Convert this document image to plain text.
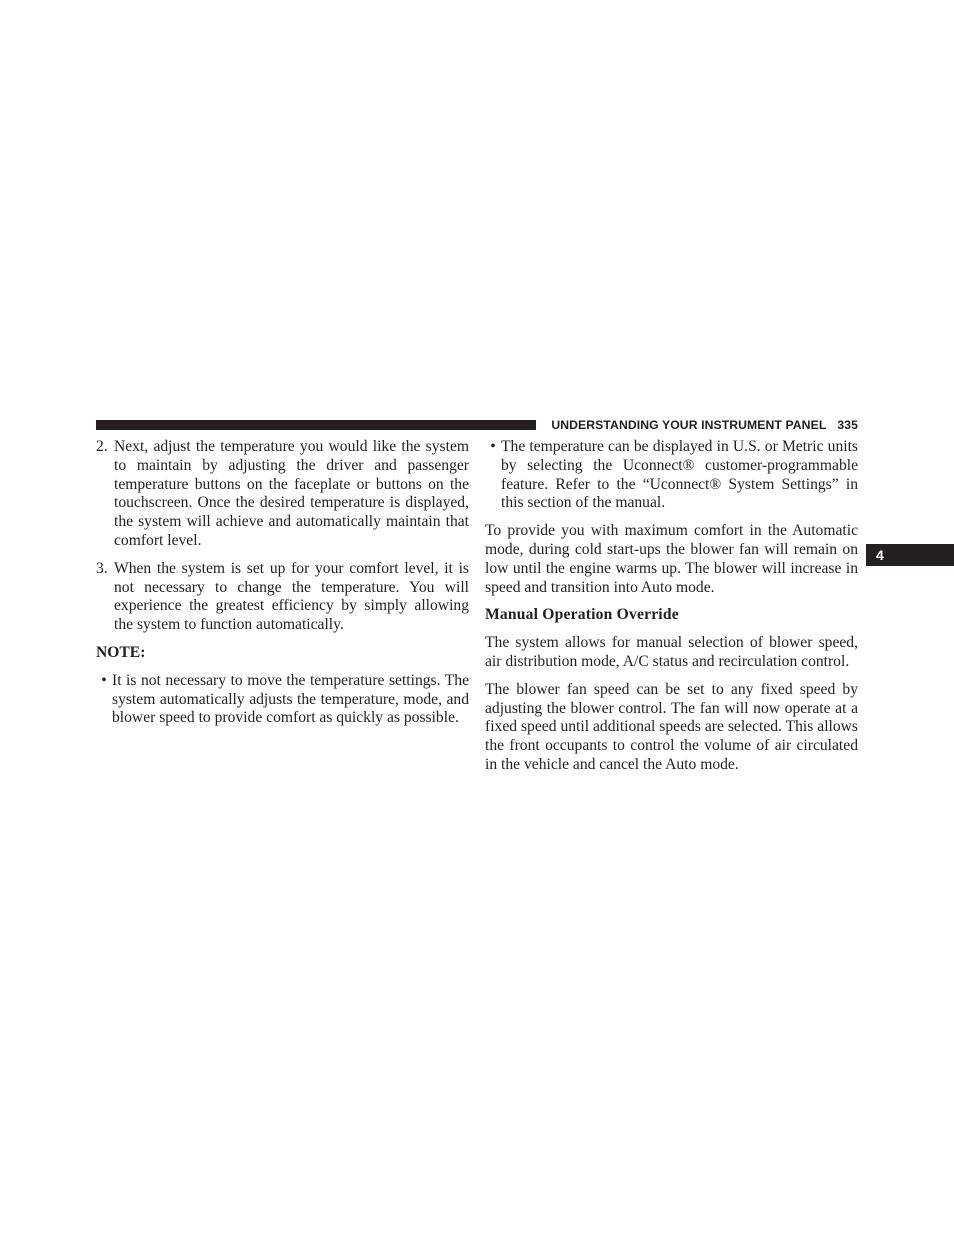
UNDERSTANDING YOUR INSTRUMENT PANEL 335
4
2. Next, adjust the temperature you would like the system to maintain by adjusting the driver and passenger temperature buttons on the faceplate or buttons on the touchscreen. Once the desired temperature is displayed, the system will achieve and automatically maintain that comfort level.
3. When the system is set up for your comfort level, it is not necessary to change the temperature. You will experience the greatest efficiency by simply allowing the system to function automatically.
NOTE:
• It is not necessary to move the temperature settings. The system automatically adjusts the temperature, mode, and blower speed to provide comfort as quickly as possible.
• The temperature can be displayed in U.S. or Metric units by selecting the Uconnect® customer-programmable feature. Refer to the “Uconnect® System Settings” in this section of the manual.
To provide you with maximum comfort in the Automatic mode, during cold start-ups the blower fan will remain on low until the engine warms up. The blower will increase in speed and transition into Auto mode.
Manual Operation Override
The system allows for manual selection of blower speed, air distribution mode, A/C status and recirculation control.
The blower fan speed can be set to any fixed speed by adjusting the blower control. The fan will now operate at a fixed speed until additional speeds are selected. This allows the front occupants to control the volume of air circulated in the vehicle and cancel the Auto mode.
